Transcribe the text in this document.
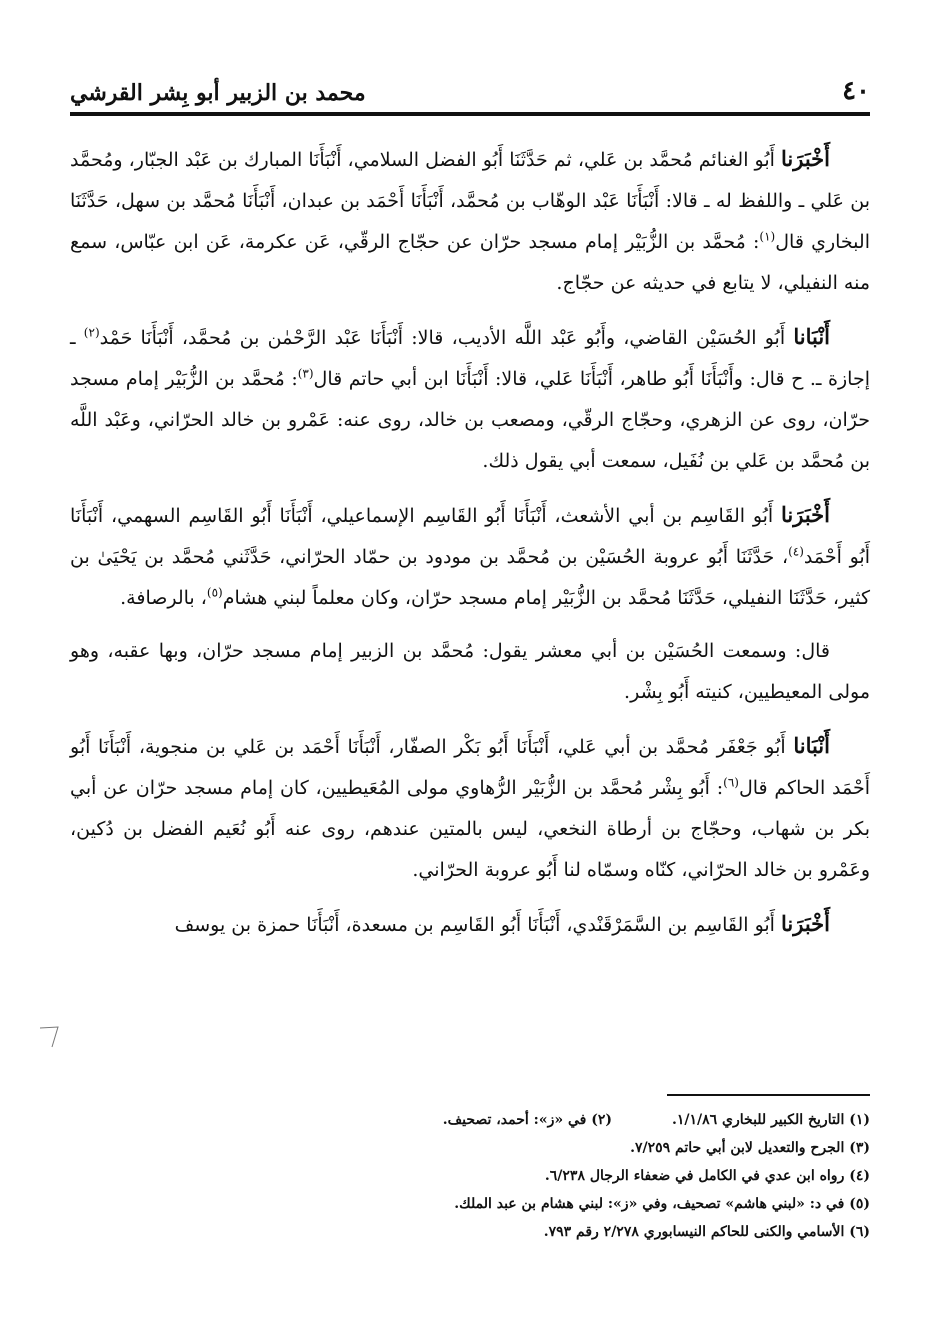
٤٠
محمد بن الزبير أبو بِشر القرشي

أَخْبَرَنا أَبُو الغنائم مُحمَّد بن عَلي، ثم حَدَّثَنَا أَبُو الفضل السلامي، أَنْبَأَنَا المبارك بن عَبْد الجبّار، ومُحمَّد بن عَلي ـ واللفظ له ـ قالا: أَنْبَأَنَا عَبْد الوهّاب بن مُحمَّد، أَنْبَأَنَا أَحْمَد بن عبدان، أَنْبَأَنَا مُحمَّد بن سهل، حَدَّثَنَا البخاري قال$^{(١)}$: مُحمَّد بن الزُّبَيْر إمام مسجد حرّان عن حجّاج الرقّي، عَن عكرمة، عَن ابن عبّاس، سمع منه النفيلي، لا يتابع في حديثه عن حجّاج.

أَنْبَانا أَبُو الحُسَيْن القاضي، وأَبُو عَبْد اللَّه الأديب، قالا: أَنْبَأَنَا عَبْد الرَّحْمٰن بن مُحمَّد، أَنْبَأَنَا حَمْد$^{(٢)}$ ـ إجازة ـ. ح قال: وأَنْبَأَنَا أَبُو طاهر، أَنْبَأَنَا عَلي، قالا: أَنْبَأَنَا ابن أبي حاتم قال$^{(٣)}$: مُحمَّد بن الزُّبَيْر إمام مسجد حرّان، روى عن الزهري، وحجّاج الرقّي، ومصعب بن خالد، روى عنه: عَمْرو بن خالد الحرّاني، وعَبْد اللَّه بن مُحمَّد بن عَلي بن نُفَيل، سمعت أبي يقول ذلك.

أَخْبَرَنا أَبُو القَاسِم بن أبي الأشعث، أَنْبَأَنَا أَبُو القَاسِم الإسماعيلي، أَنْبَأَنَا أَبُو القَاسِم السهمي، أَنْبَأَنَا أَبُو أَحْمَد$^{(٤)}$، حَدَّثَنَا أَبُو عروبة الحُسَيْن بن مُحمَّد بن مودود بن حمّاد الحرّاني، حَدَّثَني مُحمَّد بن يَحْيَىٰ بن كثير، حَدَّثَنَا النفيلي، حَدَّثَنَا مُحمَّد بن الزُّبَيْر إمام مسجد حرّان، وكان معلماً لبني هشام$^{(٥)}$، بالرصافة.

قال: وسمعت الحُسَيْن بن أبي معشر يقول: مُحمَّد بن الزبير إمام مسجد حرّان، وبها عقبه، وهو مولى المعيطيين، كنيته أَبُو بِشْر.

أَنْبَانا أَبُو جَعْفَر مُحمَّد بن أبي عَلي، أَنْبَأَنَا أَبُو بَكْر الصفّار، أَنْبَأَنَا أَحْمَد بن عَلي بن منجوية، أَنْبَأَنَا أَبُو أَحْمَد الحاكم قال$^{(٦)}$: أَبُو بِشْر مُحمَّد بن الزُّبَيْر الرُّهاوي مولى المُعَيطيين، كان إمام مسجد حرّان عن أبي بكر بن شهاب، وحجّاج بن أرطاة النخعي، ليس بالمتين عندهم، روى عنه أَبُو نُعَيم الفضل بن دُكين، وعَمْرو بن خالد الحرّاني، كنّاه وسمّاه لنا أَبُو عروبة الحرّاني.

أَخْبَرَنا أَبُو القَاسِم بن السَّمَرْقَنْدي، أَنْبَأَنَا أَبُو القَاسِم بن مسعدة، أَنْبَأَنَا حمزة بن يوسف

(١) التاريخ الكبير للبخاري ١/١/٨٦.
(٢) في «ز»: أحمد، تصحيف.
(٣) الجرح والتعديل لابن أبي حاتم ٧/٢٥٩.
(٤) رواه ابن عدي في الكامل في ضعفاء الرجال ٦/٢٣٨.
(٥) في د: «لبني هاشم» تصحيف، وفي «ز»: لبني هشام بن عبد الملك.
(٦) الأسامي والكنى للحاكم النيسابوري ٢/٢٧٨ رقم ٧٩٣.
